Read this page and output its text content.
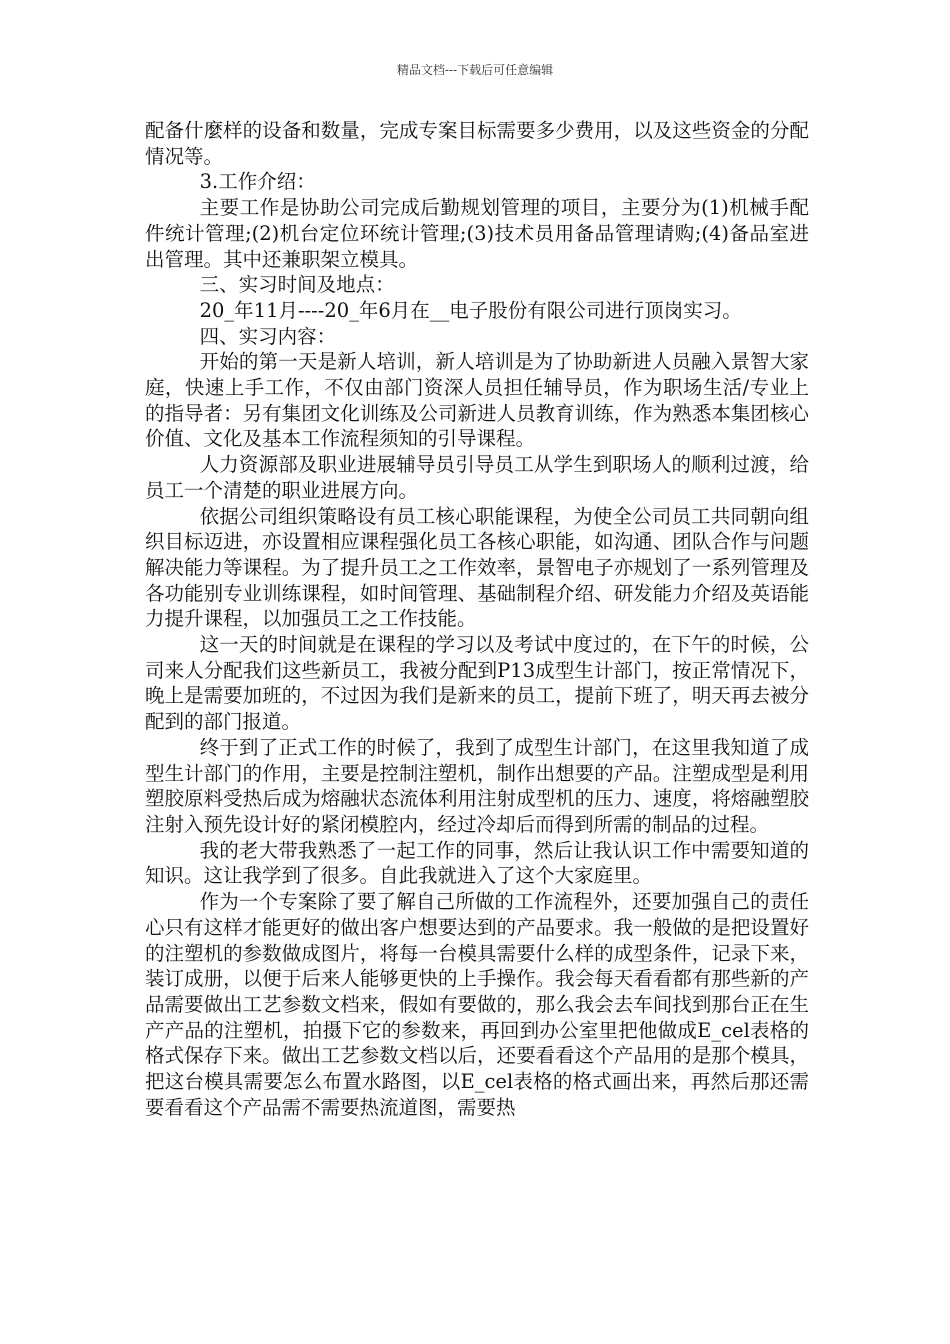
精品文档---下载后可任意编辑

配备什麼样的设备和数量，完成专案目标需要多少费用，以及这些资金的分配情况等。

3.工作介绍：

主要工作是协助公司完成后勤规划管理的项目，主要分为(1)机械手配件统计管理;(2)机台定位环统计管理;(3)技术员用备品管理请购;(4)备品室进出管理。其中还兼职架立模具。

三、实习时间及地点：

20_年11月----20_年6月在__电子股份有限公司进行顶岗实习。

四、实习内容：

开始的第一天是新人培训，新人培训是为了协助新进人员融入景智大家庭，快速上手工作，不仅由部门资深人员担任辅导员，作为职场生活/专业上的指导者：另有集团文化训练及公司新进人员教育训练，作为熟悉本集团核心价值、文化及基本工作流程须知的引导课程。

人力资源部及职业进展辅导员引导员工从学生到职场人的顺利过渡，给员工一个清楚的职业进展方向。

依据公司组织策略设有员工核心职能课程，为使全公司员工共同朝向组织目标迈进，亦设置相应课程强化员工各核心职能，如沟通、团队合作与问题解决能力等课程。为了提升员工之工作效率，景智电子亦规划了一系列管理及各功能别专业训练课程，如时间管理、基础制程介绍、研发能力介绍及英语能力提升课程，以加强员工之工作技能。

这一天的时间就是在课程的学习以及考试中度过的，在下午的时候，公司来人分配我们这些新员工，我被分配到P13成型生计部门，按正常情况下，晚上是需要加班的，不过因为我们是新来的员工，提前下班了，明天再去被分配到的部门报道。

终于到了正式工作的时候了，我到了成型生计部门，在这里我知道了成型生计部门的作用，主要是控制注塑机，制作出想要的产品。注塑成型是利用塑胶原料受热后成为熔融状态流体利用注射成型机的压力、速度，将熔融塑胶注射入预先设计好的紧闭模腔内，经过冷却后而得到所需的制品的过程。

我的老大带我熟悉了一起工作的同事，然后让我认识工作中需要知道的知识。这让我学到了很多。自此我就进入了这个大家庭里。

作为一个专案除了要了解自己所做的工作流程外，还要加强自己的责任心只有这样才能更好的做出客户想要达到的产品要求。我一般做的是把设置好的注塑机的参数做成图片，将每一台模具需要什么样的成型条件，记录下来，装订成册，以便于后来人能够更快的上手操作。我会每天看看都有那些新的产品需要做出工艺参数文档来，假如有要做的，那么我会去车间找到那台正在生产产品的注塑机，拍摄下它的参数来，再回到办公室里把他做成E_cel表格的格式保存下来。做出工艺参数文档以后，还要看看这个产品用的是那个模具，把这台模具需要怎么布置水路图，以E_cel表格的格式画出来，再然后那还需要看看这个产品需不需要热流道图，需要热
